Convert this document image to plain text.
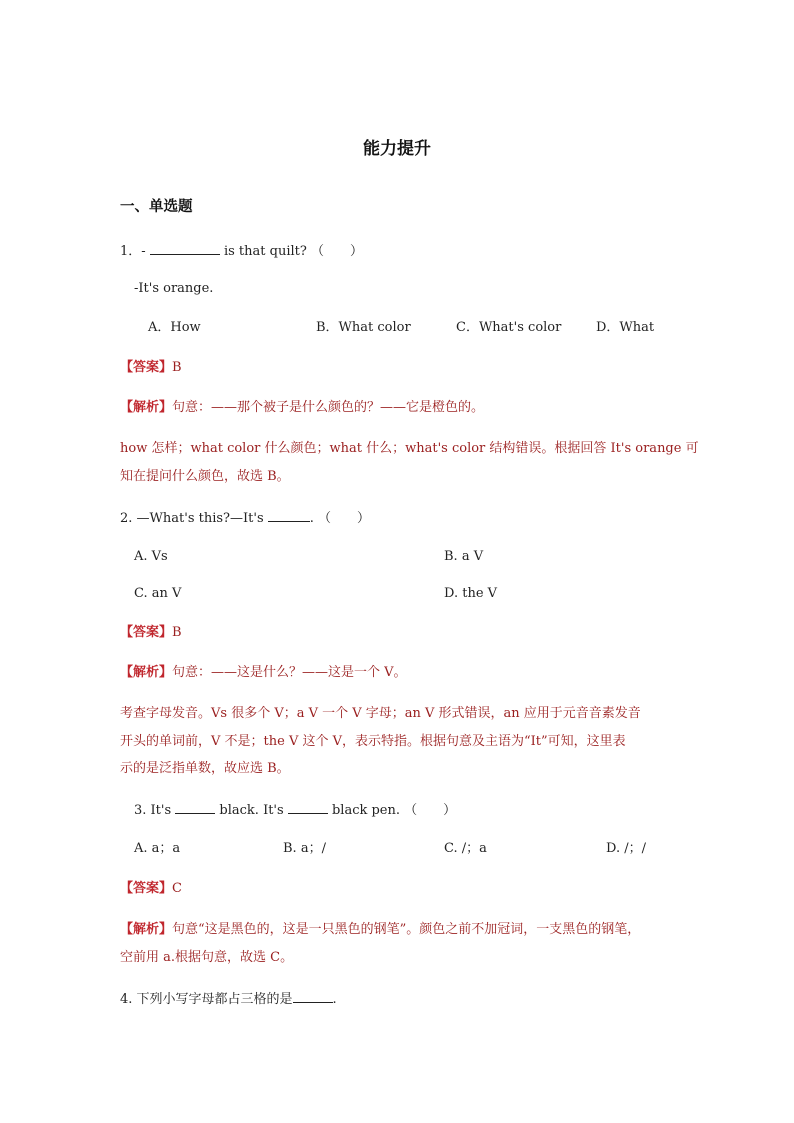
能力提升
一、单选题
1．-	is that quilt? （　　）
-It's orange.
A．How	B．What color	C．What's color	D．What
【答案】B
【解析】句意：——那个被子是什么颜色的？——它是橙色的。
how 怎样；what color 什么颜色；what 什么；what's color 结构错误。根据回答 It's orange 可
知在提问什么颜色，故选 B。
2. —What's this?—It's	. （　　）
A. Vs	B. a V
C. an V	D. the V
【答案】B
【解析】句意：——这是什么？——这是一个 V。
考查字母发音。Vs 很多个 V；a V 一个 V 字母；an V 形式错误，an 应用于元音音素发音
开头的单词前，V 不是；the V 这个 V，表示特指。根据句意及主语为“It”可知，这里表
示的是泛指单数，故应选 B。
3. It's	black. It's	black pen. （　　）
A. a；a	B. a；/	C. /；a	D. /；/
【答案】C
【解析】句意“这是黑色的，这是一只黑色的钢笔”。颜色之前不加冠词，一支黑色的钢笔，
空前用 a.根据句意，故选 C。
4. 下列小写字母都占三格的是	.
